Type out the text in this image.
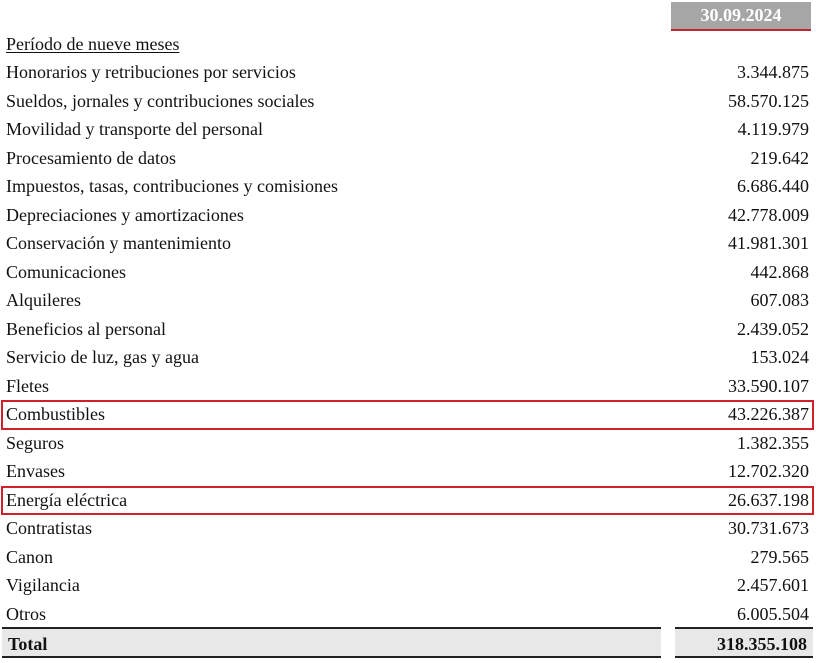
30.09.2024
Período de nueve meses
Honorarios y retribuciones por servicios	3.344.875
Sueldos, jornales y contribuciones sociales	58.570.125
Movilidad y transporte del personal	4.119.979
Procesamiento de datos	219.642
Impuestos, tasas, contribuciones y comisiones	6.686.440
Depreciaciones y amortizaciones	42.778.009
Conservación y mantenimiento	41.981.301
Comunicaciones	442.868
Alquileres	607.083
Beneficios al personal	2.439.052
Servicio de luz, gas y agua	153.024
Fletes	33.590.107
Combustibles	43.226.387
Seguros	1.382.355
Envases	12.702.320
Energía eléctrica	26.637.198
Contratistas	30.731.673
Canon	279.565
Vigilancia	2.457.601
Otros	6.005.504
Total	318.355.108
